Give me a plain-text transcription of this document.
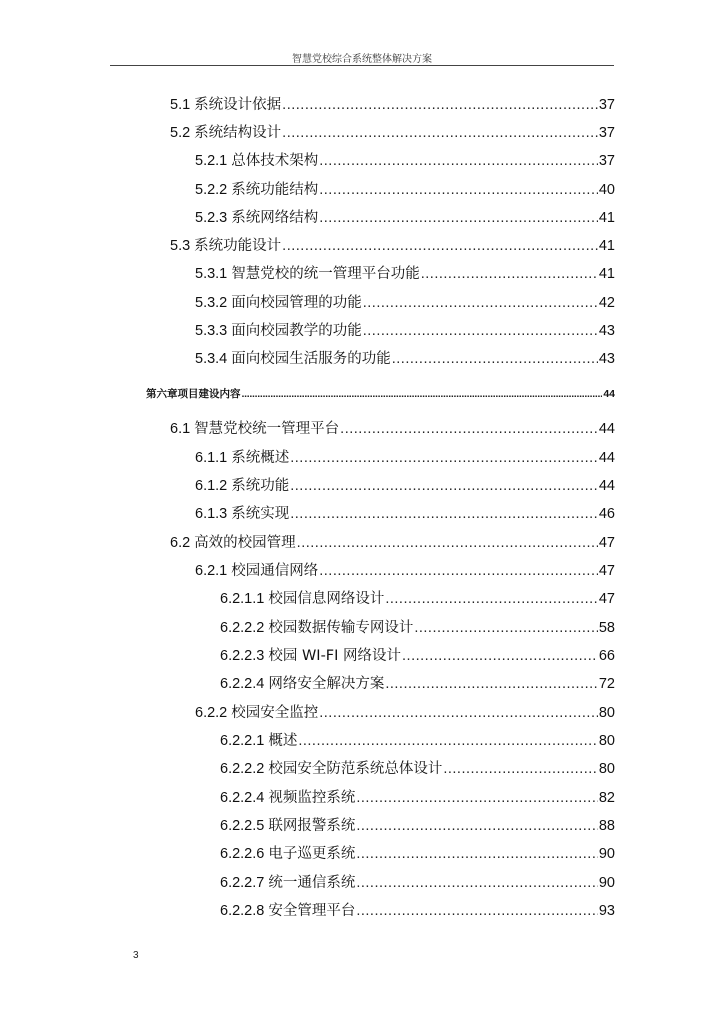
智慧党校综合系统整体解决方案
5.1 系统设计依据 .....	37
5.2 系统结构设计 .....	37
5.2.1 总体技术架构 .....	37
5.2.2 系统功能结构 .....	40
5.2.3 系统网络结构 .....	41
5.3 系统功能设计 .....	41
5.3.1 智慧党校的统一管理平台功能 .....	41
5.3.2 面向校园管理的功能 .....	42
5.3.3 面向校园教学的功能 .....	43
5.3.4 面向校园生活服务的功能 .....	43
第六章项目建设内容 .....	44
6.1 智慧党校统一管理平台 .....	44
6.1.1 系统概述 .....	44
6.1.2 系统功能 .....	44
6.1.3 系统实现 .....	46
6.2 高效的校园管理 .....	47
6.2.1 校园通信网络 .....	47
6.2.1.1 校园信息网络设计 .....	47
6.2.2.2 校园数据传输专网设计 .....	58
6.2.2.3 校园 WI-FI 网络设计 .....	66
6.2.2.4 网络安全解决方案 .....	72
6.2.2 校园安全监控 .....	80
6.2.2.1 概述 .....	80
6.2.2.2 校园安全防范系统总体设计 .....	80
6.2.2.4 视频监控系统 .....	82
6.2.2.5 联网报警系统 .....	88
6.2.2.6 电子巡更系统 .....	90
6.2.2.7 统一通信系统 .....	90
6.2.2.8 安全管理平台 .....	93
3
